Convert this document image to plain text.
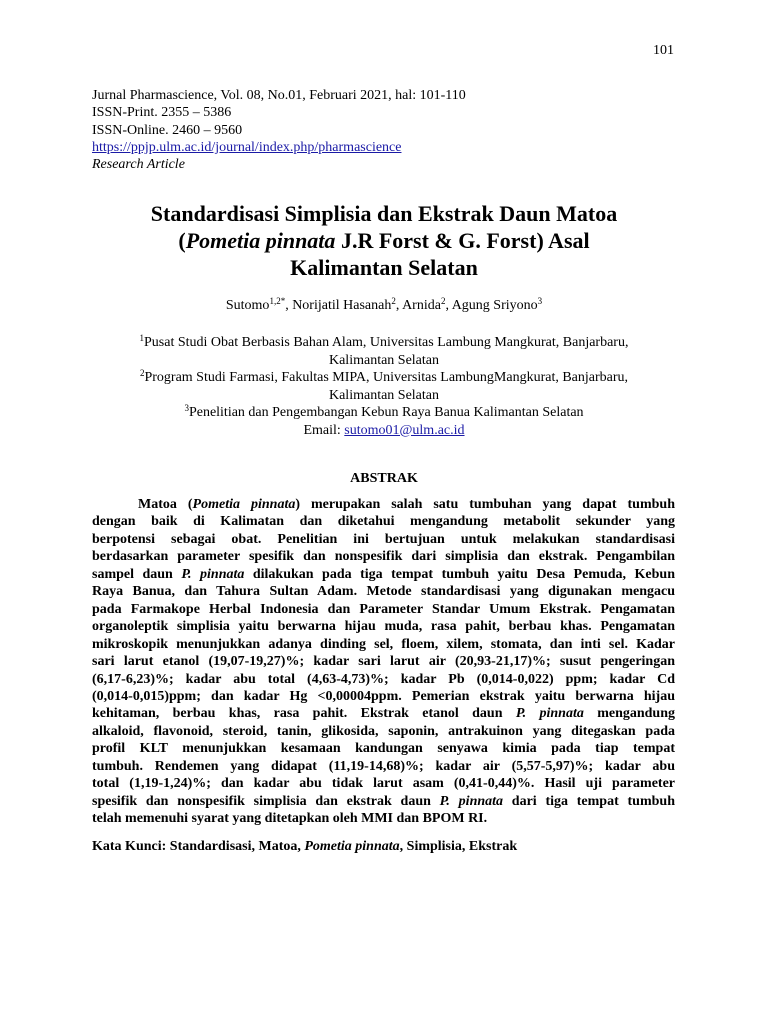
101
Jurnal Pharmascience, Vol. 08, No.01, Februari 2021, hal: 101-110
ISSN-Print. 2355 – 5386
ISSN-Online. 2460 – 9560
https://ppjp.ulm.ac.id/journal/index.php/pharmascience
Research Article
Standardisasi Simplisia dan Ekstrak Daun Matoa
(Pometia pinnata J.R Forst & G. Forst) Asal
Kalimantan Selatan
Sutomo$^{1,2*}$, Norijatil Hasanah$^2$, Arnida$^2$, Agung Sriyono$^3$
$^1$Pusat Studi Obat Berbasis Bahan Alam, Universitas Lambung Mangkurat, Banjarbaru,
Kalimantan Selatan
$^2$Program Studi Farmasi, Fakultas MIPA, Universitas LambungMangkurat, Banjarbaru,
Kalimantan Selatan
$^3$Penelitian dan Pengembangan Kebun Raya Banua Kalimantan Selatan
Email: sutomo01@ulm.ac.id
ABSTRAK
Matoa (Pometia pinnata) merupakan salah satu tumbuhan yang dapat tumbuh
dengan baik di Kalimatan dan diketahui mengandung metabolit sekunder yang
berpotensi sebagai obat. Penelitian ini bertujuan untuk melakukan standardisasi
berdasarkan parameter spesifik dan nonspesifik dari simplisia dan ekstrak. Pengambilan
sampel daun P. pinnata dilakukan pada tiga tempat tumbuh yaitu Desa Pemuda, Kebun
Raya Banua, dan Tahura Sultan Adam. Metode standardisasi yang digunakan mengacu
pada Farmakope Herbal Indonesia dan Parameter Standar Umum Ekstrak. Pengamatan
organoleptik simplisia yaitu berwarna hijau muda, rasa pahit, berbau khas. Pengamatan
mikroskopik menunjukkan adanya dinding sel, floem, xilem, stomata, dan inti sel. Kadar
sari larut etanol (19,07-19,27)%; kadar sari larut air (20,93-21,17)%; susut pengeringan
(6,17-6,23)%; kadar abu total (4,63-4,73)%; kadar Pb (0,014-0,022) ppm; kadar Cd
(0,014-0,015)ppm; dan kadar Hg <0,00004ppm. Pemerian ekstrak yaitu berwarna hijau
kehitaman, berbau khas, rasa pahit. Ekstrak etanol daun P. pinnata mengandung
alkaloid, flavonoid, steroid, tanin, glikosida, saponin, antrakuinon yang ditegaskan pada
profil KLT menunjukkan kesamaan kandungan senyawa kimia pada tiap tempat
tumbuh. Rendemen yang didapat (11,19-14,68)%; kadar air (5,57-5,97)%; kadar abu
total (1,19-1,24)%; dan kadar abu tidak larut asam (0,41-0,44)%. Hasil uji parameter
spesifik dan nonspesifik simplisia dan ekstrak daun P. pinnata dari tiga tempat tumbuh
telah memenuhi syarat yang ditetapkan oleh MMI dan BPOM RI.
Kata Kunci: Standardisasi, Matoa, Pometia pinnata, Simplisia, Ekstrak
